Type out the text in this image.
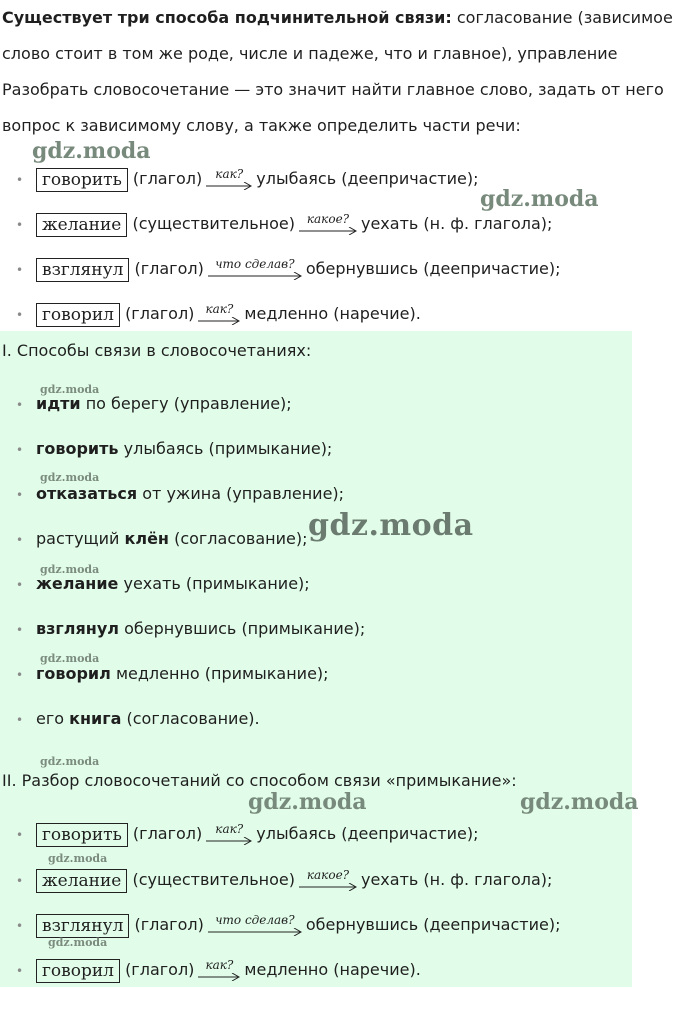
Существует три способа подчинительной связи: согласование (зависимое

слово стоит в том же роде, числе и падеже, что и главное), управление

Разобрать словосочетание — это значит найти главное слово, задать от него

вопрос к зависимому слову, а также определить части речи:

• говорить (глагол)	как? улыбаясь (деепричастие);
• желание (существительное) какое? уехать (н. ф. глагола);
• взглянул (глагол) что сделав? обернувшись (деепричастие);
• говорил (глагол) как? медленно (наречие).

I. Способы связи в словосочетаниях:

• идти по берегу (управление);
• говорить улыбаясь (примыкание);
• отказаться от ужина (управление);
• растущий клён (согласование);
• желание уехать (примыкание);
• взглянул обернувшись (примыкание);
• говорил медленно (примыкание);
• его книга (согласование).

II. Разбор словосочетаний со способом связи «примыкание»:

• говорить (глагол)	как? улыбаясь (деепричастие);
• желание (существительное) какое? уехать (н. ф. глагола);
• взглянул (глагол) что сделав? обернувшись (деепричастие);
• говорил (глагол) как? медленно (наречие).
gdz.moda
gdz.moda
gdz.moda
gdz.moda
gdz.moda
gdz.moda
gdz.moda
gdz.moda
gdz.moda	gdz.moda
gdz.moda
gdz.moda
